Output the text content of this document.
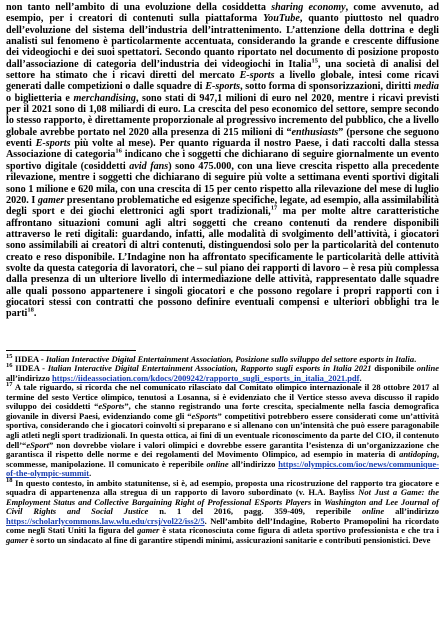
non tanto nell’ambito di una evoluzione della cosiddetta sharing economy, come avvenuto, ad esempio, per i creatori di contenuti sulla piattaforma YouTube, quanto piuttosto nel quadro dell’evoluzione del sistema dell’industria dell’intrattenimento. L’attenzione della dottrina e degli analisti sul fenomeno è particolarmente accentuata, considerando la grande e crescente diffusione dei videogiochi e dei suoi spettatori. Secondo quanto riportato nel documento di posizione proposto dall’associazione di categoria dell’industria dei videogiochi in Italia$^{15}$, una società di analisi del settore ha stimato che i ricavi diretti del mercato E-sports a livello globale, intesi come ricavi generati dalle competizioni o dalle squadre di E-sports, sotto forma di sponsorizzazioni, diritti media o biglietteria e merchandising, sono stati di 947,1 milioni di euro nel 2020, mentre i ricavi previsti per il 2021 sono di 1,08 miliardi di euro. La crescita del peso economico del settore, sempre secondo lo stesso rapporto, è direttamente proporzionale al progressivo incremento del pubblico, che a livello globale avrebbe portato nel 2020 alla presenza di 215 milioni di “enthusiasts” (persone che seguono eventi E-sports più volte al mese). Per quanto riguarda il nostro Paese, i dati raccolti dalla stessa Associazione di categoria$^{16}$ indicano che i soggetti che dichiarano di seguire giornalmente un evento sportivo digitale (cosiddetti avid fans) sono 475.000, con una lieve crescita rispetto alla precedente rilevazione, mentre i soggetti che dichiarano di seguire più volte a settimana eventi sportivi digitali sono 1 milione e 620 mila, con una crescita di 15 per cento rispetto alla rilevazione del mese di luglio 2020. I gamer presentano problematiche ed esigenze specifiche, legate, ad esempio, alla assimilabilità degli sport e dei giochi elettronici agli sport tradizionali,$^{17}$ ma per molte altre caratteristiche affrontano situazioni comuni agli altri soggetti che creano contenuti da rendere disponibili attraverso le reti digitali: guardando, infatti, alle modalità di svolgimento dell’attività, i giocatori sono assimilabili ai creatori di altri contenuti, distinguendosi solo per la particolarità del contenuto creato e reso disponibile. L’Indagine non ha affrontato specificamente le particolarità delle attività svolte da questa categoria di lavoratori, che – sul piano dei rapporti di lavoro – è resa più complessa dalla presenza di un ulteriore livello di intermediazione delle attività, rappresentato dalle squadre alle quali possono appartenere i singoli giocatori e che possono regolare i propri rapporti con i giocatori stessi con contratti che possono definire eventuali compensi e ulteriori obblighi tra le parti$^{18}$.

$^{15}$ IIDEA - Italian Interactive Digital Entertainment Association, Posizione sullo sviluppo del settore esports in Italia.

$^{16}$ IIDEA - Italian Interactive Digital Entertainment Association, Rapporto sugli esports in Italia 2021 disponibile online all’indirizzo https://iideassociation.com/kdocs/2009242/rapporto_sugli_esports_in_italia_2021.pdf.

$^{17}$ A tale riguardo, si ricorda che nel comunicato rilasciato dal Comitato olimpico internazionale il 28 ottobre 2017 al termine del sesto Vertice olimpico, tenutosi a Losanna, si è evidenziato che il Vertice stesso aveva discusso il rapido sviluppo dei cosiddetti “eSports”, che stanno registrando una forte crescita, specialmente nella fascia demografica giovanile in diversi Paesi, evidenziando come gli “eSports” competitivi potrebbero essere considerati come un’attività sportiva, considerando che i giocatori coinvolti si preparano e si allenano con un’intensità che può essere paragonabile agli atleti negli sport tradizionali. In questa ottica, ai fini di un eventuale riconoscimento da parte del CIO, il contenuto dell’“eSport” non dovrebbe violare i valori olimpici e dovrebbe essere garantita l’esistenza di un’organizzazione che garantisca il rispetto delle norme e dei regolamenti del Movimento Olimpico, ad esempio in materia di antidoping, scommesse, manipolazione. Il comunicato è reperibile online all’indirizzo https://olympics.com/ioc/news/communique-of-the-olympic-summit.

$^{18}$ In questo contesto, in ambito statunitense, si è, ad esempio, proposta una ricostruzione del rapporto tra giocatore e squadra di appartenenza alla stregua di un rapporto di lavoro subordinato (v. H.A. Bayliss Not Just a Game: the Employment Status and Collective Bargaining Right of Professional ESports Players in Washington and Lee Journal of Civil Rights and Social Justice n. 1 del 2016, pagg. 359-409, reperibile online all’indirizzo https://scholarlycommons.law.wlu.edu/crsj/vol22/iss2/5. Nell’ambito dell’Indagine, Roberto Pramopolini ha ricordato come negli Stati Uniti la figura del gamer è stata riconosciuta come figura di atleta sportivo professionista e che tra i gamer è sorto un sindacato al fine di garantire stipendi minimi, assicurazioni sanitarie e contributi pensionistici. Deve
